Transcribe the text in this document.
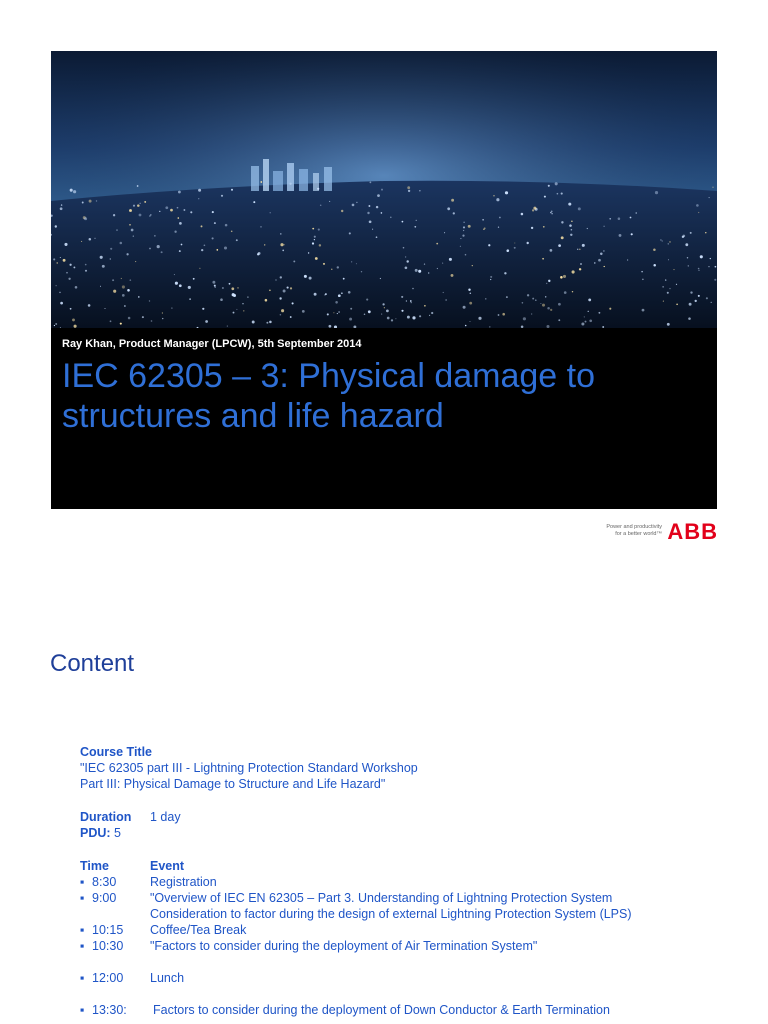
Ray Khan, Product Manager (LPCW), 5th September 2014
IEC 62305 – 3: Physical damage to
structures and life hazard
Power and productivity
for a better world™ ABB
Content
Course Title
"IEC 62305 part III - Lightning Protection Standard Workshop
Part III: Physical Damage to Structure and Life Hazard"
Duration 1 day
PDU: 5
Time	Event
▪ 8:30	Registration
▪ 9:00	"Overview of IEC EN 62305 – Part 3. Understanding of Lightning Protection System
Consideration to factor during the design of external Lightning Protection System (LPS)
▪ 10:15 Coffee/Tea Break
▪ 10:30 "Factors to consider during the deployment of Air Termination System"
▪ 12:00 Lunch
▪ 13:30: Factors to consider during the deployment of Down Conductor & Earth Termination
